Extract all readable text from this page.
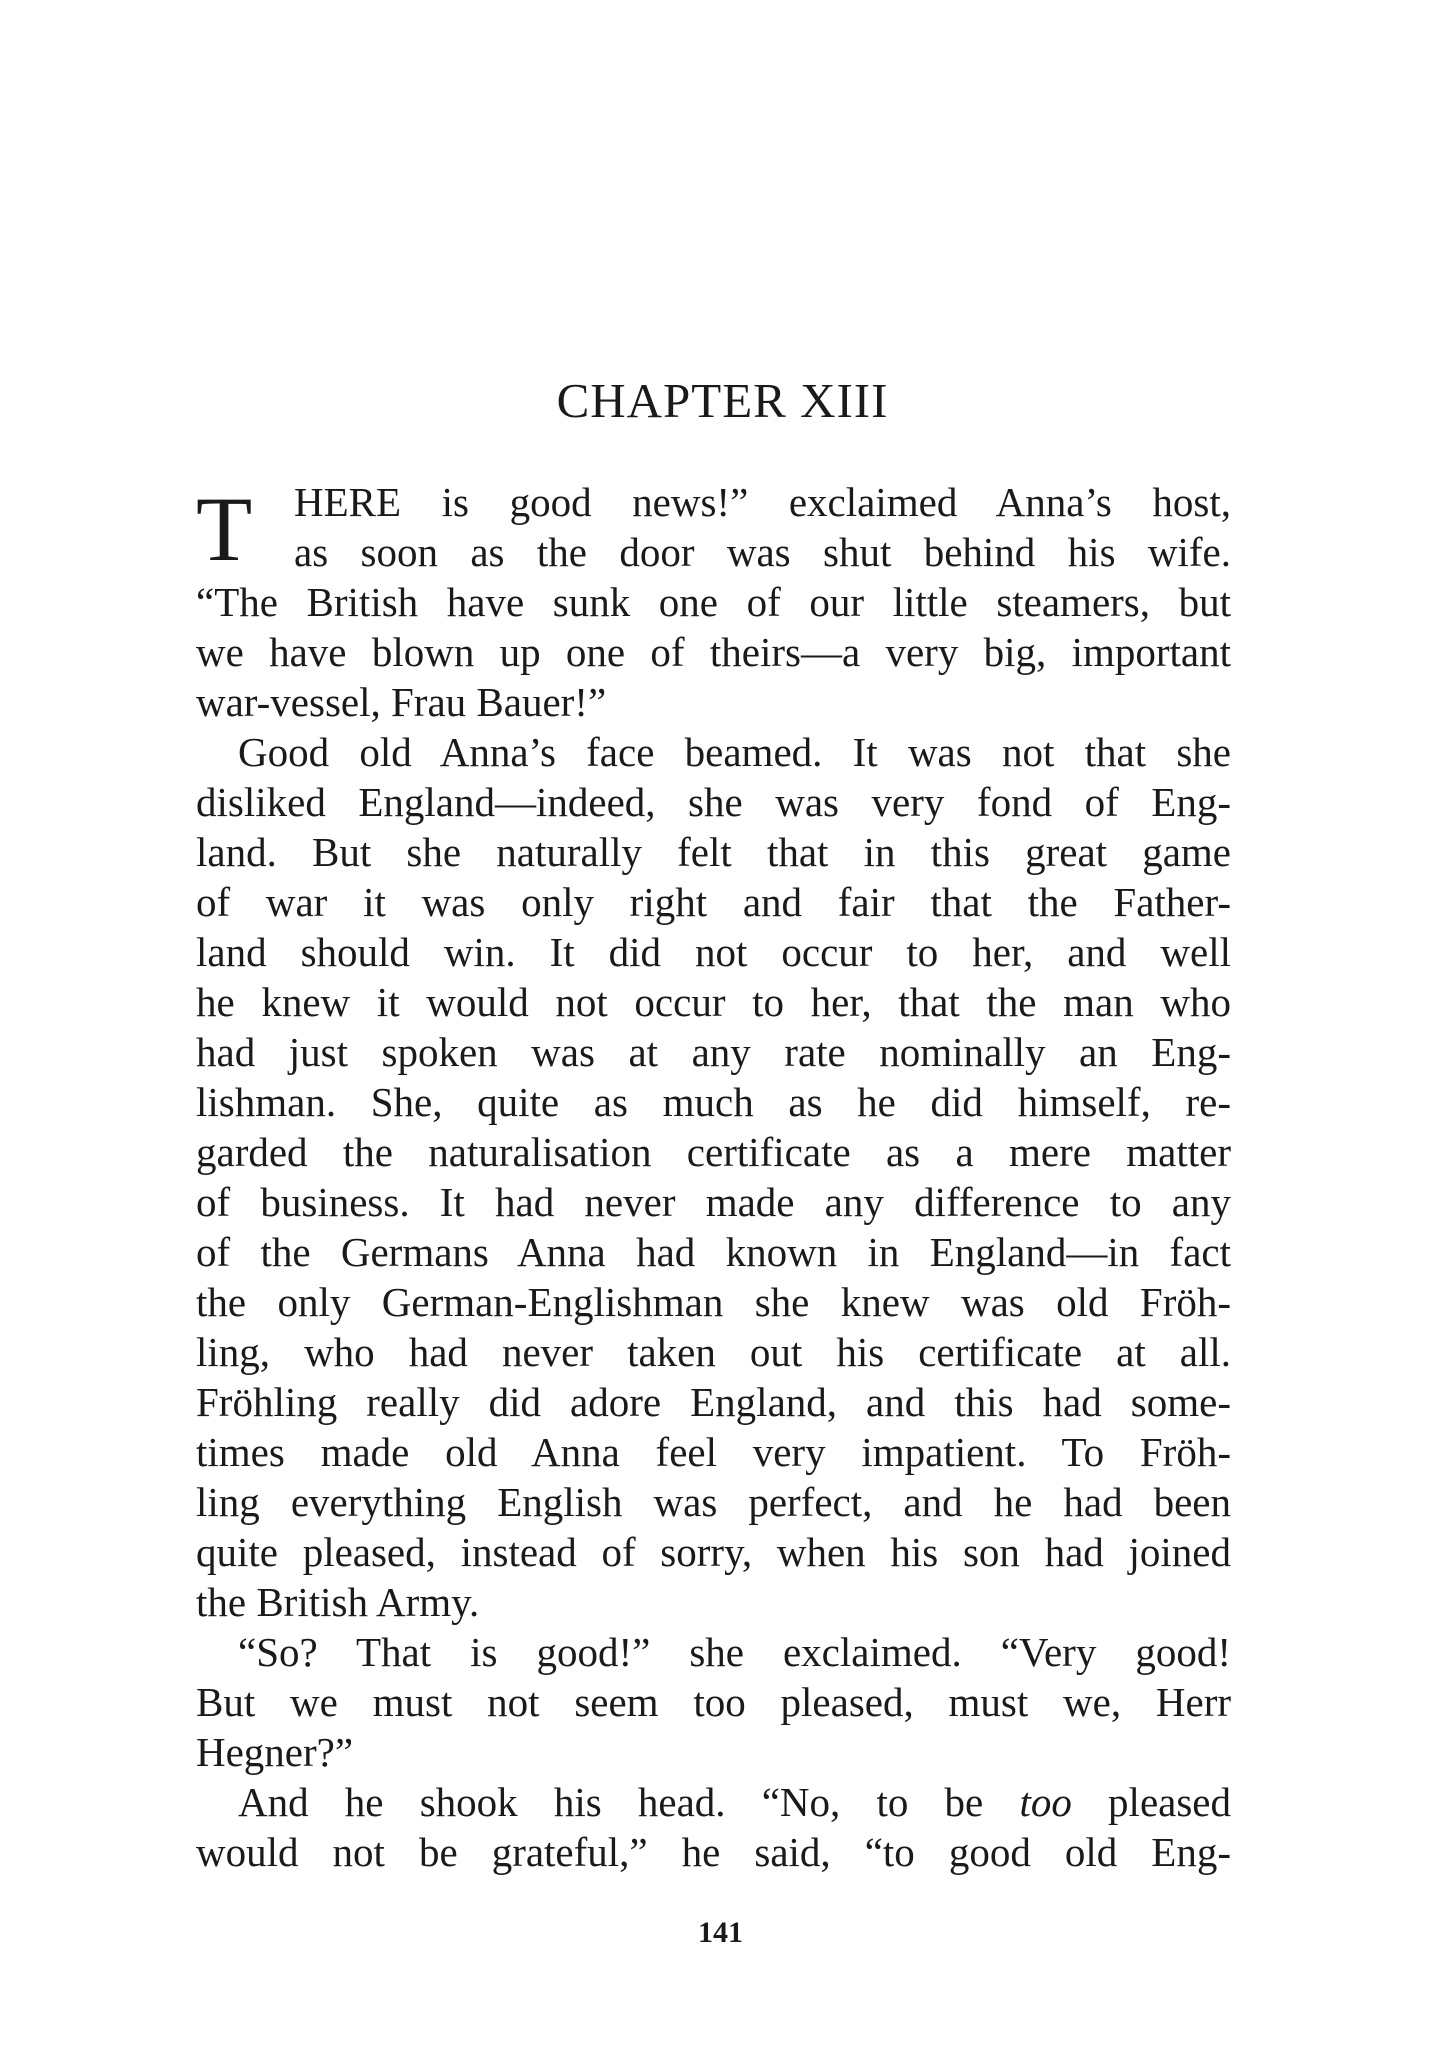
CHAPTER XIII
T	HERE is good news!” exclaimed Anna’s host,
as soon as the door was shut behind his wife.
“The British have sunk one of our little steamers, but
we have blown up one of theirs—a very big, important
war-vessel, Frau Bauer!”
Good old Anna’s face beamed. It was not that she
disliked England—indeed, she was very fond of Eng-
land. But she naturally felt that in this great game
of war it was only right and fair that the Father-
land should win. It did not occur to her, and well
he knew it would not occur to her, that the man who
had just spoken was at any rate nominally an Eng-
lishman. She, quite as much as he did himself, re-
garded the naturalisation certificate as a mere matter
of business. It had never made any difference to any
of the Germans Anna had known in England—in fact
the only German-Englishman she knew was old Fröh-
ling, who had never taken out his certificate at all.
Fröhling really did adore England, and this had some-
times made old Anna feel very impatient. To Fröh-
ling everything English was perfect, and he had been
quite pleased, instead of sorry, when his son had joined
the British Army.
“So? That is good!” she exclaimed. “Very good!
But we must not seem too pleased, must we, Herr
Hegner?”
And he shook his head. “No, to be too pleased
would not be grateful,” he said, “to good old Eng-
141
